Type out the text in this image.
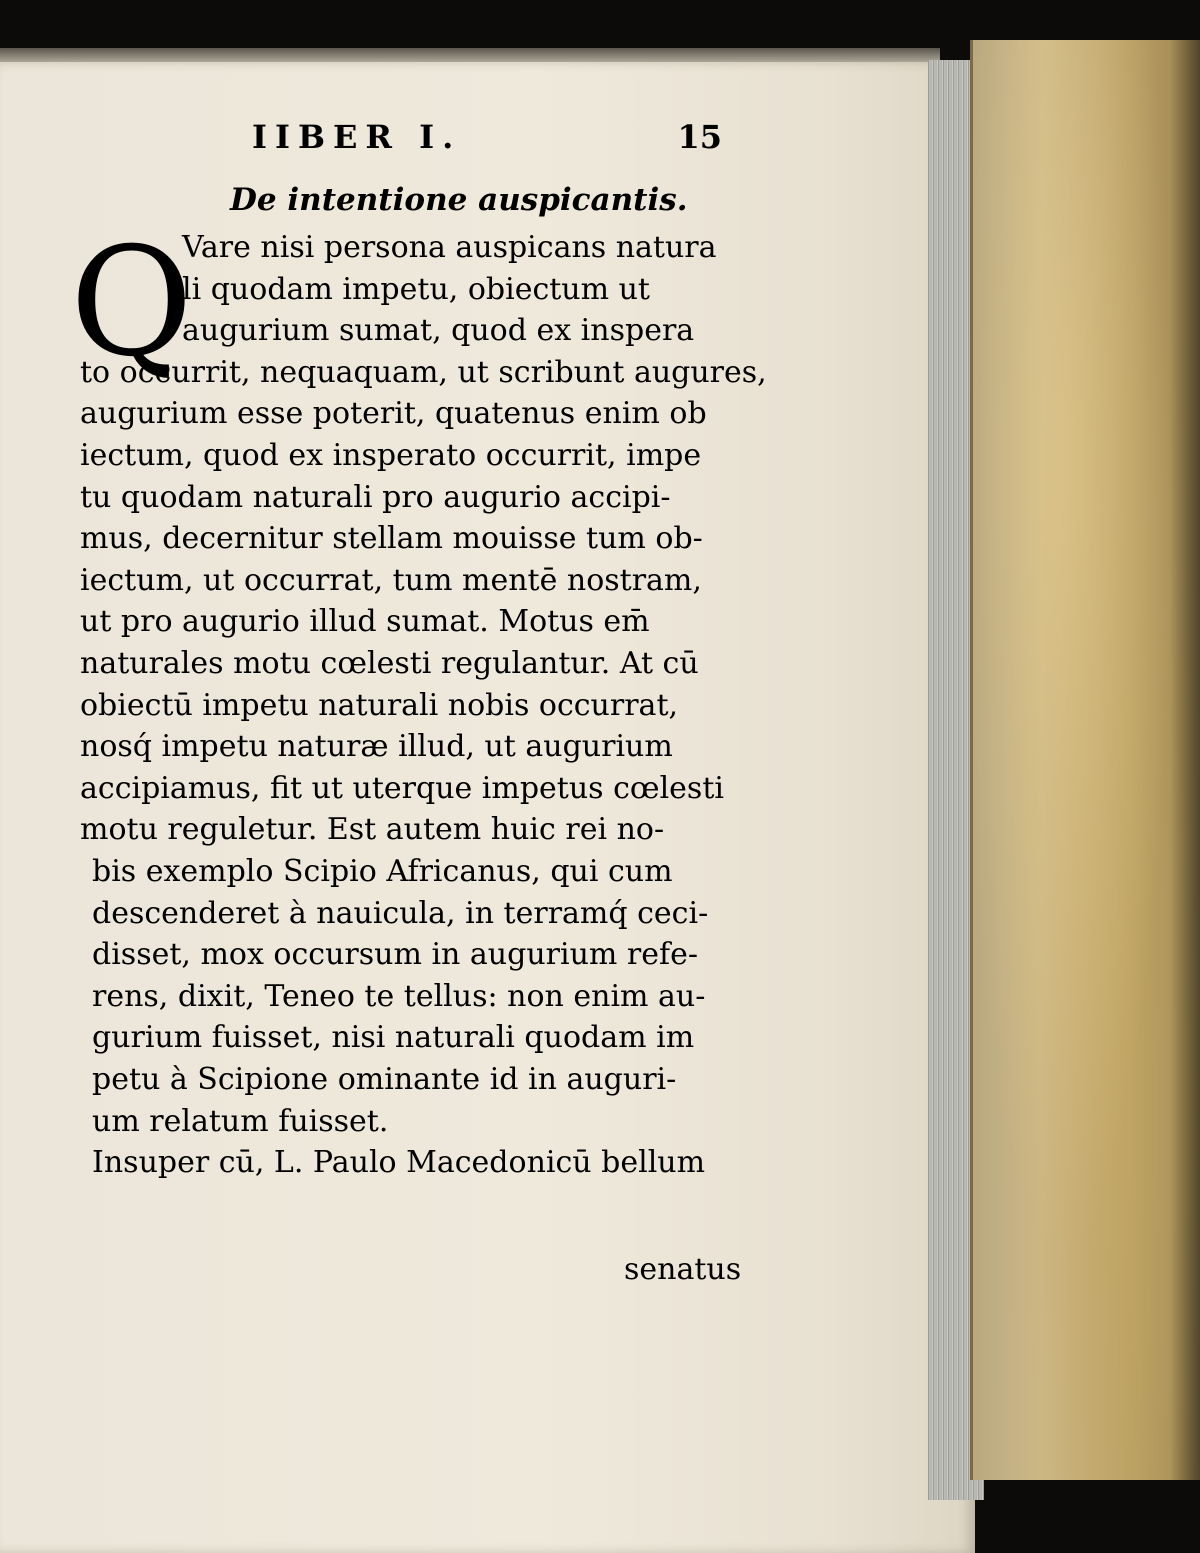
IIBER I.	15
De intentione auspicantis.
Q
Vare nisi persona auspicans natura
li quodam impetu, obiectum ut
augurium sumat, quod ex inspera
to occurrit, nequaquam, ut scribunt augures,
augurium esse poterit, quatenus enim ob
iectum, quod ex insperato occurrit, impe
tu quodam naturali pro augurio accipi-
mus, decernitur stellam mouisse tum ob-
iectum, ut occurrat, tum mentē nostram,
ut pro augurio illud sumat. Motus em̄
naturales motu cœlesti regulantur. At cū
obiectū impetu naturali nobis occurrat,
nosq́ impetu naturæ illud, ut augurium
accipiamus, fit ut uterque impetus cœlesti
motu reguletur. Est autem huic rei no-
bis exemplo Scipio Africanus, qui cum
descenderet à nauicula, in terramq́ ceci-
disset, mox occursum in augurium refe-
rens, dixit, Teneo te tellus: non enim au-
gurium fuisset, nisi naturali quodam im
petu à Scipione ominante id in auguri-
um relatum fuisset.
Insuper cū, L. Paulo Macedonicū bellum
senatus
